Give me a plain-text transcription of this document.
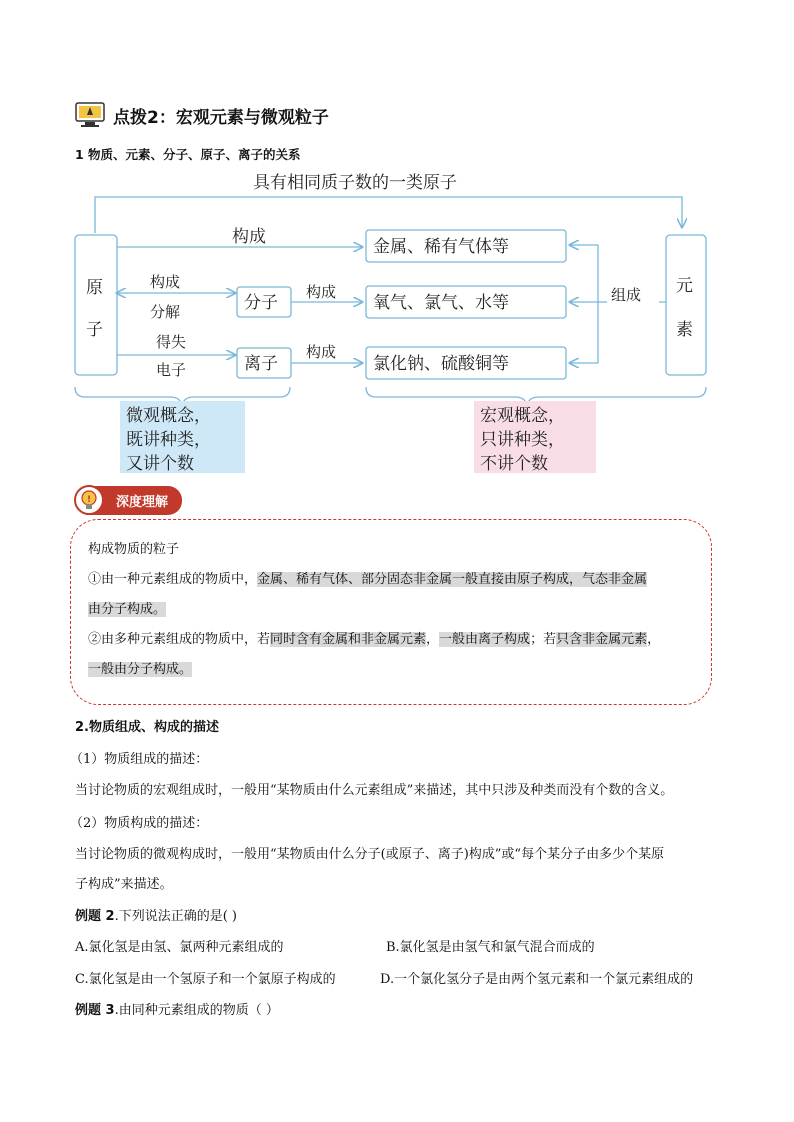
点拨2：宏观元素与微观粒子
1 物质、元素、分子、原子、离子的关系
具有相同质子数的一类原子
原
子
元
素
构成
构成
分解
得失
电子
分子
离子
构成
构成
金属、稀有气体等
氧气、氯气、水等
氯化钠、硫酸铜等
组成
微观概念，
既讲种类，
又讲个数
宏观概念，
只讲种类，
不讲个数
!	深度理解
构成物质的粒子
①由一种元素组成的物质中，金属、稀有气体、部分固态非金属一般直接由原子构成，气态非金属
由分子构成。
②由多种元素组成的物质中，若同时含有金属和非金属元素，一般由离子构成；若只含非金属元素，
一般由分子构成。
2.物质组成、构成的描述
（1）物质组成的描述：
当讨论物质的宏观组成时，一般用“某物质由什么元素组成”来描述，其中只涉及种类而没有个数的含义。
（2）物质构成的描述：
当讨论物质的微观构成时，一般用“某物质由什么分子(或原子、离子)构成”或“每个某分子由多少个某原
子构成”来描述。
例题 2.下列说法正确的是( )
A.氯化氢是由氢、氯两种元素组成的	B.氯化氢是由氢气和氯气混合而成的
C.氯化氢是由一个氢原子和一个氯原子构成的	D.一个氯化氢分子是由两个氢元素和一个氯元素组成的
例题 3.由同种元素组成的物质（ ）
